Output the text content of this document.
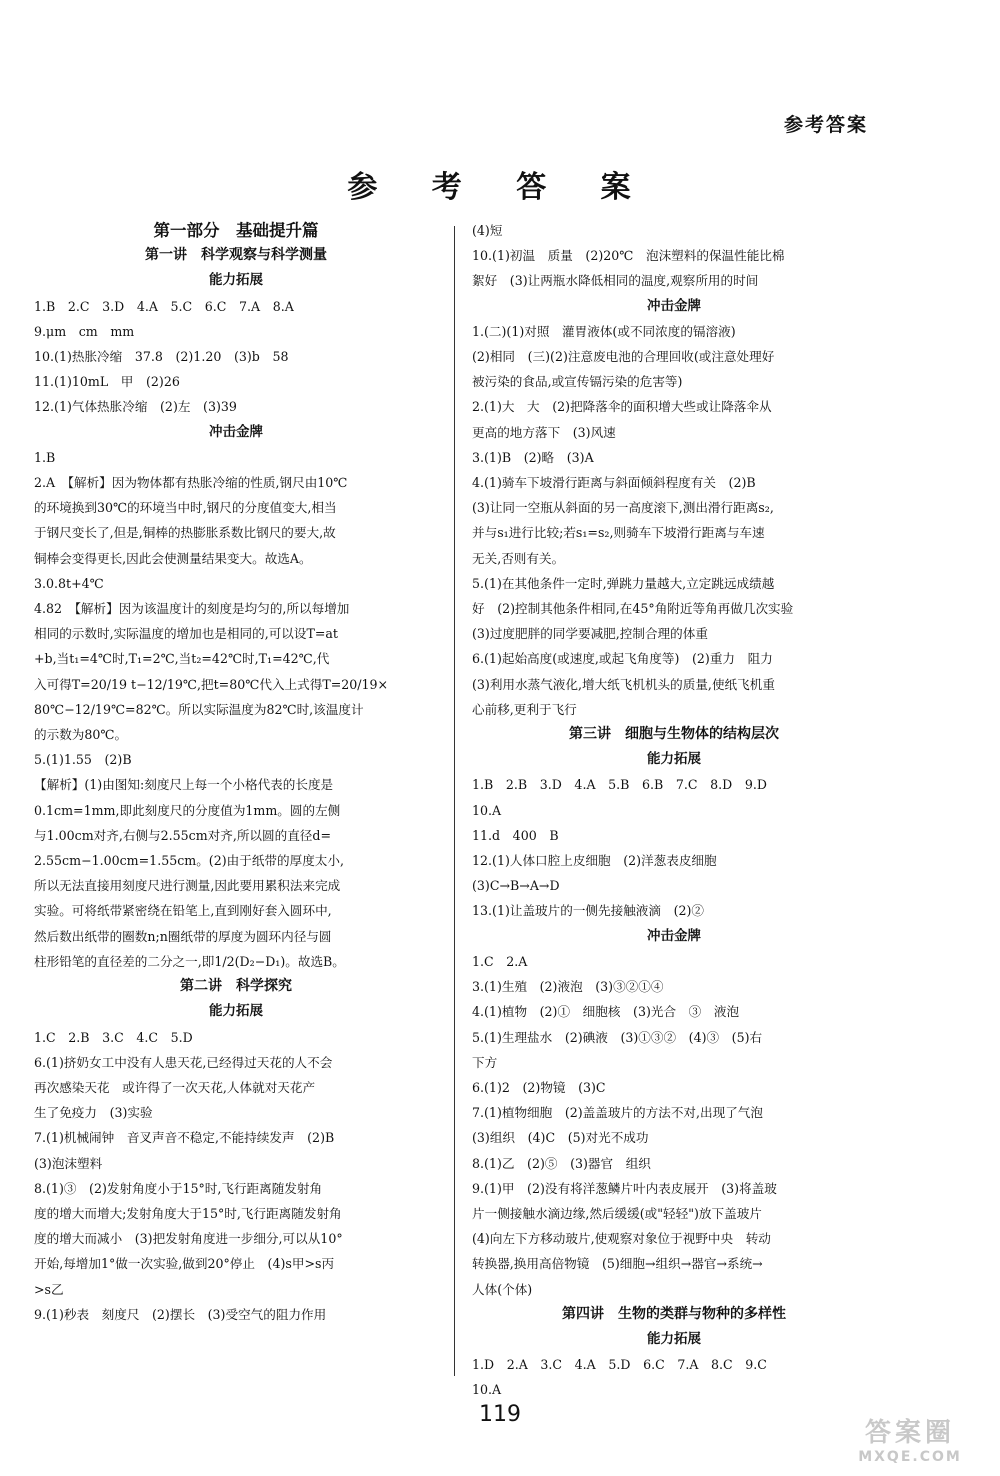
参考答案
参 考 答 案
第一部分　基础提升篇
第一讲　科学观察与科学测量
能力拓展
1.B　2.C　3.D　4.A　5.C　6.C　7.A　8.A
9.μm　cm　mm
10.(1)热胀冷缩　37.8　(2)1.20　(3)b　58
11.(1)10mL　甲　(2)26
12.(1)气体热胀冷缩　(2)左　(3)39
冲击金牌
1.B
2.A　【解析】因为物体都有热胀冷缩的性质,钢尺由10℃
的环境换到30℃的环境当中时,钢尺的分度值变大,相当
于钢尺变长了,但是,铜棒的热膨胀系数比钢尺的要大,故
铜棒会变得更长,因此会使测量结果变大。故选A。
3.0.8t+4℃
4.82　【解析】因为该温度计的刻度是均匀的,所以每增加
相同的示数时,实际温度的增加也是相同的,可以设T=at
+b,当t₁=4℃时,T₁=2℃,当t₂=42℃时,T₁=42℃,代
入可得T=20/19 t−12/19℃,把t=80℃代入上式得T=20/19×
80℃−12/19℃=82℃。所以实际温度为82℃时,该温度计
的示数为80℃。
5.(1)1.55　(2)B
【解析】(1)由图知:刻度尺上每一个小格代表的长度是
0.1cm=1mm,即此刻度尺的分度值为1mm。圆的左侧
与1.00cm对齐,右侧与2.55cm对齐,所以圆的直径d=
2.55cm−1.00cm=1.55cm。(2)由于纸带的厚度太小,
所以无法直接用刻度尺进行测量,因此要用累积法来完成
实验。可将纸带紧密绕在铅笔上,直到刚好套入圆环中,
然后数出纸带的圈数n;n圈纸带的厚度为圆环内径与圆
柱形铅笔的直径差的二分之一,即1/2(D₂−D₁)。故选B。
第二讲　科学探究
能力拓展
1.C　2.B　3.C　4.C　5.D
6.(1)挤奶女工中没有人患天花,已经得过天花的人不会
再次感染天花　或许得了一次天花,人体就对天花产
生了免疫力　(3)实验
7.(1)机械闹钟　音叉声音不稳定,不能持续发声　(2)B
(3)泡沫塑料
8.(1)③　(2)发射角度小于15°时,飞行距离随发射角
度的增大而增大;发射角度大于15°时,飞行距离随发射角
度的增大而减小　(3)把发射角度进一步细分,可以从10°
开始,每增加1°做一次实验,做到20°停止　(4)s甲>s丙
>s乙
9.(1)秒表　刻度尺　(2)摆长　(3)受空气的阻力作用
(4)短
10.(1)初温　质量　(2)20℃　泡沫塑料的保温性能比棉
絮好　(3)让两瓶水降低相同的温度,观察所用的时间
冲击金牌
1.(二)(1)对照　灌胃液体(或不同浓度的镉溶液)
(2)相同　(三)(2)注意废电池的合理回收(或注意处理好
被污染的食品,或宣传镉污染的危害等)
2.(1)大　大　(2)把降落伞的面积增大些或让降落伞从
更高的地方落下　(3)风速
3.(1)B　(2)略　(3)A
4.(1)骑车下坡滑行距离与斜面倾斜程度有关　(2)B
(3)让同一空瓶从斜面的另一高度滚下,测出滑行距离s₂,
并与s₁进行比较;若s₁=s₂,则骑车下坡滑行距离与车速
无关,否则有关。
5.(1)在其他条件一定时,弹跳力量越大,立定跳远成绩越
好　(2)控制其他条件相同,在45°角附近等角再做几次实验
(3)过度肥胖的同学要减肥,控制合理的体重
6.(1)起始高度(或速度,或起飞角度等)　(2)重力　阻力
(3)利用水蒸气液化,增大纸飞机机头的质量,使纸飞机重
心前移,更利于飞行
第三讲　细胞与生物体的结构层次
能力拓展
1.B　2.B　3.D　4.A　5.B　6.B　7.C　8.D　9.D
10.A
11.d　400　B
12.(1)人体口腔上皮细胞　(2)洋葱表皮细胞
(3)C→B→A→D
13.(1)让盖玻片的一侧先接触液滴　(2)②
冲击金牌
1.C　2.A
3.(1)生殖　(2)液泡　(3)③②①④
4.(1)植物　(2)①　细胞核　(3)光合　③　液泡
5.(1)生理盐水　(2)碘液　(3)①③②　(4)③　(5)右
下方
6.(1)2　(2)物镜　(3)C
7.(1)植物细胞　(2)盖盖玻片的方法不对,出现了气泡
(3)组织　(4)C　(5)对光不成功
8.(1)乙　(2)⑤　(3)器官　组织
9.(1)甲　(2)没有将洋葱鳞片叶内表皮展开　(3)将盖玻
片一侧接触水滴边缘,然后缓缓(或"轻轻")放下盖玻片
(4)向左下方移动玻片,使观察对象位于视野中央　转动
转换器,换用高倍物镜　(5)细胞→组织→器官→系统→
人体(个体)
第四讲　生物的类群与物种的多样性
能力拓展
1.D　2.A　3.C　4.A　5.D　6.C　7.A　8.C　9.C
10.A
119
答案圈
MXQE.COM
